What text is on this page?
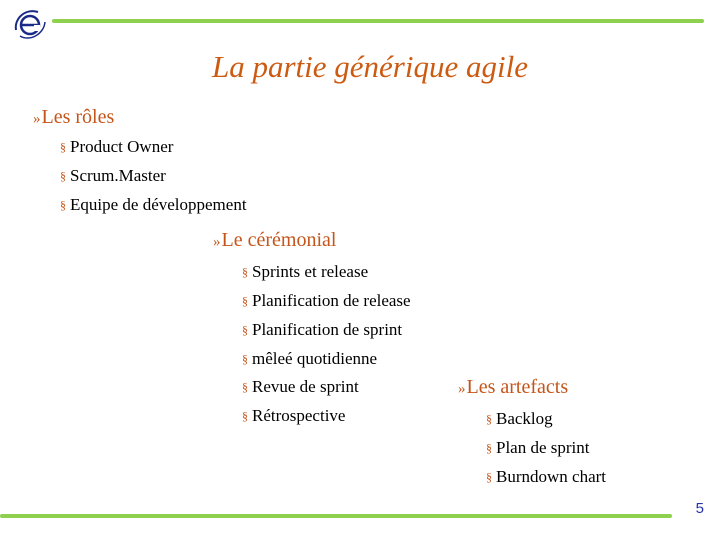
La partie générique agile
»Les rôles
§ Product Owner
§ Scrum.Master
§ Equipe de développement
»Le cérémonial
§ Sprints et release
§ Planification de release
§ Planification de sprint
§ mêleé quotidienne
§ Revue de sprint
§ Rétrospective
»Les artefacts
§ Backlog
§ Plan de sprint
§ Burndown chart
5
